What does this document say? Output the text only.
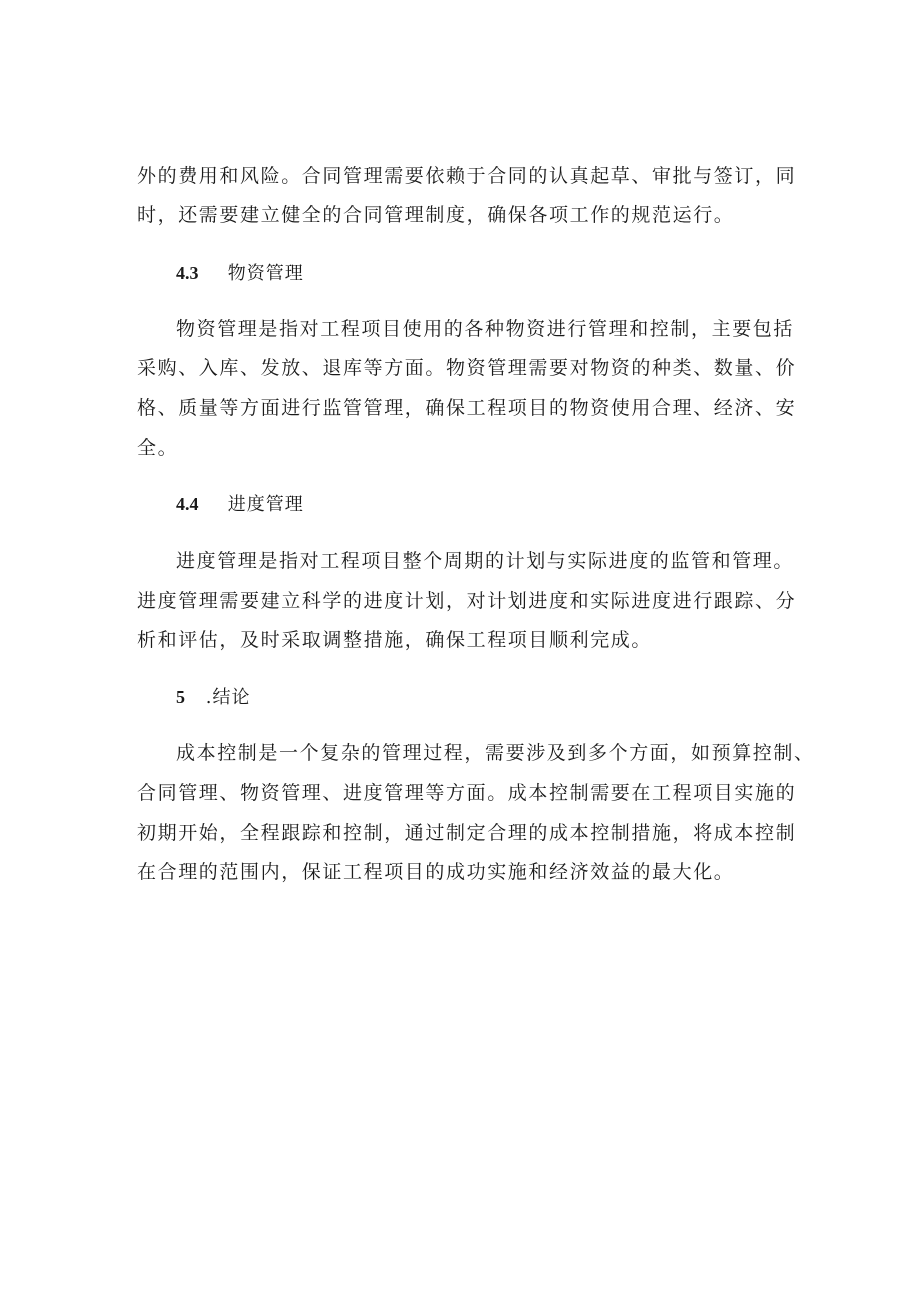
外的费用和风险。合同管理需要依赖于合同的认真起草、审批与签订，同
时，还需要建立健全的合同管理制度，确保各项工作的规范运行。
4.3 物资管理
物资管理是指对工程项目使用的各种物资进行管理和控制，主要包括
采购、入库、发放、退库等方面。物资管理需要对物资的种类、数量、价
格、质量等方面进行监管管理，确保工程项目的物资使用合理、经济、安
全。
4.4 进度管理
进度管理是指对工程项目整个周期的计划与实际进度的监管和管理。
进度管理需要建立科学的进度计划，对计划进度和实际进度进行跟踪、分
析和评估，及时采取调整措施，确保工程项目顺利完成。
5 .结论
成本控制是一个复杂的管理过程，需要涉及到多个方面，如预算控制、
合同管理、物资管理、进度管理等方面。成本控制需要在工程项目实施的
初期开始，全程跟踪和控制，通过制定合理的成本控制措施，将成本控制
在合理的范围内，保证工程项目的成功实施和经济效益的最大化。
